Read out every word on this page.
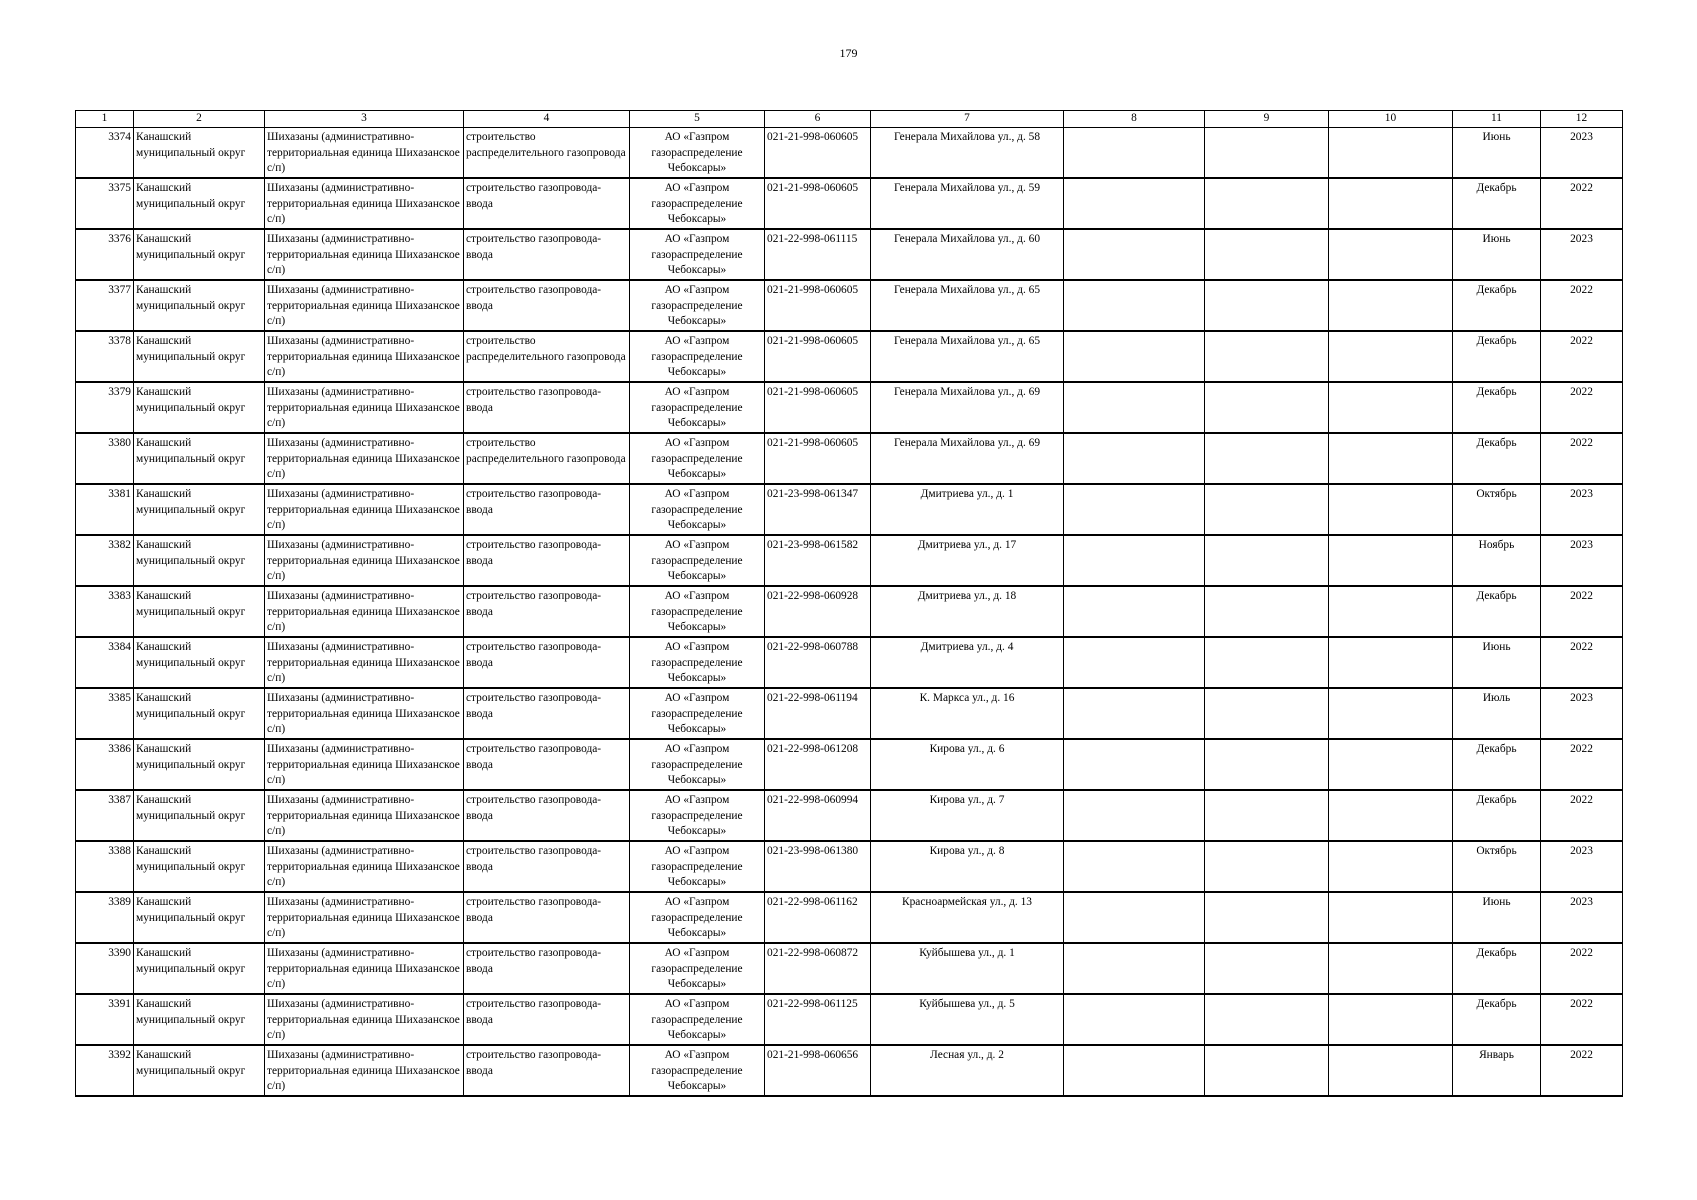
179
1	2	3	4	5	6	7	8	9	10	11	12
3374	Канашский муниципальный округ	Шихазаны (административно-территориальная единица Шихазанское с/п)	строительство распределительного газопровода	АО «Газпром газораспределение Чебоксары»	021-21-998-060605	Генерала Михайлова ул., д. 58				Июнь	2023
3375	Канашский муниципальный округ	Шихазаны (административно-территориальная единица Шихазанское с/п)	строительство газопровода-ввода	АО «Газпром газораспределение Чебоксары»	021-21-998-060605	Генерала Михайлова ул., д. 59				Декабрь	2022
3376	Канашский муниципальный округ	Шихазаны (административно-территориальная единица Шихазанское с/п)	строительство газопровода-ввода	АО «Газпром газораспределение Чебоксары»	021-22-998-061115	Генерала Михайлова ул., д. 60				Июнь	2023
3377	Канашский муниципальный округ	Шихазаны (административно-территориальная единица Шихазанское с/п)	строительство газопровода-ввода	АО «Газпром газораспределение Чебоксары»	021-21-998-060605	Генерала Михайлова ул., д. 65				Декабрь	2022
3378	Канашский муниципальный округ	Шихазаны (административно-территориальная единица Шихазанское с/п)	строительство распределительного газопровода	АО «Газпром газораспределение Чебоксары»	021-21-998-060605	Генерала Михайлова ул., д. 65				Декабрь	2022
3379	Канашский муниципальный округ	Шихазаны (административно-территориальная единица Шихазанское с/п)	строительство газопровода-ввода	АО «Газпром газораспределение Чебоксары»	021-21-998-060605	Генерала Михайлова ул., д. 69				Декабрь	2022
3380	Канашский муниципальный округ	Шихазаны (административно-территориальная единица Шихазанское с/п)	строительство распределительного газопровода	АО «Газпром газораспределение Чебоксары»	021-21-998-060605	Генерала Михайлова ул., д. 69				Декабрь	2022
3381	Канашский муниципальный округ	Шихазаны (административно-территориальная единица Шихазанское с/п)	строительство газопровода-ввода	АО «Газпром газораспределение Чебоксары»	021-23-998-061347	Дмитриева ул., д. 1				Октябрь	2023
3382	Канашский муниципальный округ	Шихазаны (административно-территориальная единица Шихазанское с/п)	строительство газопровода-ввода	АО «Газпром газораспределение Чебоксары»	021-23-998-061582	Дмитриева ул., д. 17				Ноябрь	2023
3383	Канашский муниципальный округ	Шихазаны (административно-территориальная единица Шихазанское с/п)	строительство газопровода-ввода	АО «Газпром газораспределение Чебоксары»	021-22-998-060928	Дмитриева ул., д. 18				Декабрь	2022
3384	Канашский муниципальный округ	Шихазаны (административно-территориальная единица Шихазанское с/п)	строительство газопровода-ввода	АО «Газпром газораспределение Чебоксары»	021-22-998-060788	Дмитриева ул., д. 4				Июнь	2022
3385	Канашский муниципальный округ	Шихазаны (административно-территориальная единица Шихазанское с/п)	строительство газопровода-ввода	АО «Газпром газораспределение Чебоксары»	021-22-998-061194	К. Маркса ул., д. 16				Июль	2023
3386	Канашский муниципальный округ	Шихазаны (административно-территориальная единица Шихазанское с/п)	строительство газопровода-ввода	АО «Газпром газораспределение Чебоксары»	021-22-998-061208	Кирова ул., д. 6				Декабрь	2022
3387	Канашский муниципальный округ	Шихазаны (административно-территориальная единица Шихазанское с/п)	строительство газопровода-ввода	АО «Газпром газораспределение Чебоксары»	021-22-998-060994	Кирова ул., д. 7				Декабрь	2022
3388	Канашский муниципальный округ	Шихазаны (административно-территориальная единица Шихазанское с/п)	строительство газопровода-ввода	АО «Газпром газораспределение Чебоксары»	021-23-998-061380	Кирова ул., д. 8				Октябрь	2023
3389	Канашский муниципальный округ	Шихазаны (административно-территориальная единица Шихазанское с/п)	строительство газопровода-ввода	АО «Газпром газораспределение Чебоксары»	021-22-998-061162	Красноармейская ул., д. 13				Июнь	2023
3390	Канашский муниципальный округ	Шихазаны (административно-территориальная единица Шихазанское с/п)	строительство газопровода-ввода	АО «Газпром газораспределение Чебоксары»	021-22-998-060872	Куйбышева ул., д. 1				Декабрь	2022
3391	Канашский муниципальный округ	Шихазаны (административно-территориальная единица Шихазанское с/п)	строительство газопровода-ввода	АО «Газпром газораспределение Чебоксары»	021-22-998-061125	Куйбышева ул., д. 5				Декабрь	2022
3392	Канашский муниципальный округ	Шихазаны (административно-территориальная единица Шихазанское с/п)	строительство газопровода-ввода	АО «Газпром газораспределение Чебоксары»	021-21-998-060656	Лесная ул., д. 2				Январь	2022
